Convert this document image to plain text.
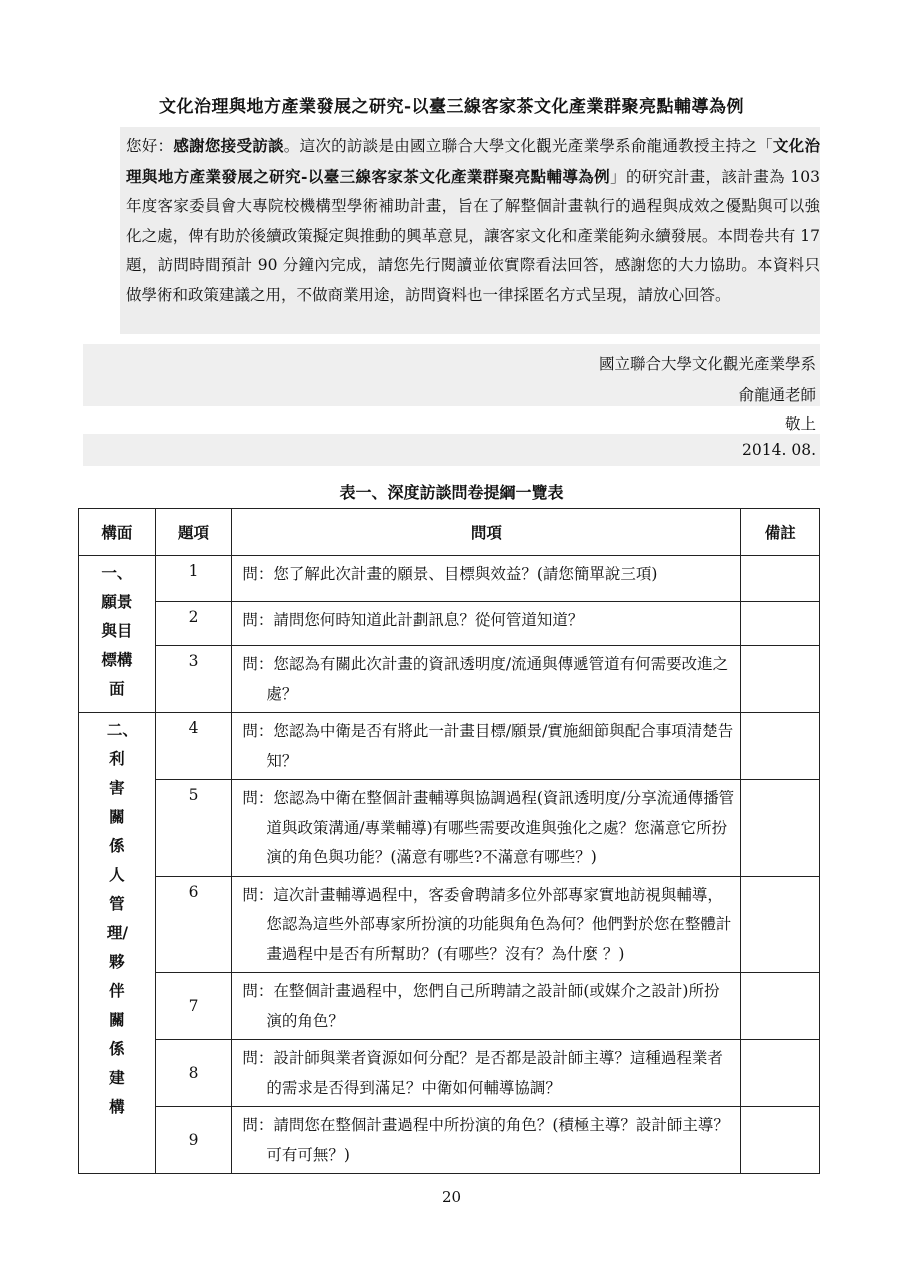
文化治理與地方產業發展之研究-以臺三線客家茶文化產業群聚亮點輔導為例
您好：感謝您接受訪談。這次的訪談是由國立聯合大學文化觀光產業學系俞龍通教授主持之「文化治理與地方產業發展之研究-以臺三線客家茶文化產業群聚亮點輔導為例」的研究計畫，該計畫為 103 年度客家委員會大專院校機構型學術補助計畫，旨在了解整個計畫執行的過程與成效之優點與可以強化之處，俾有助於後續政策擬定與推動的興革意見，讓客家文化和產業能夠永續發展。本問卷共有 17 題，訪問時間預計 90 分鐘內完成，請您先行閱讀並依實際看法回答，感謝您的大力協助。本資料只做學術和政策建議之用，不做商業用途，訪問資料也一律採匿名方式呈現，請放心回答。
國立聯合大學文化觀光產業學系
俞龍通老師
敬上
2014. 08.
表一、深度訪談問卷提綱一覽表
構面	題項	問項	備註
一、願景與目標構面	1	問：您了解此次計畫的願景、目標與效益？(請您簡單說三項)	

	2	問：請問您何時知道此計劃訊息？從何管道知道？	

	3	問：您認為有關此次計畫的資訊透明度/流通與傳遞管道有何需要改進之處？	

二、利害關係人管理/夥伴關係建構	4	問：您認為中衛是否有將此一計畫目標/願景/實施細節與配合事項清楚告知？	

	5	問：您認為中衛在整個計畫輔導與協調過程(資訊透明度/分享流通傳播管道與政策溝通/專業輔導)有哪些需要改進與強化之處？您滿意它所扮演的角色與功能？(滿意有哪些?不滿意有哪些？)	

	6	問：這次計畫輔導過程中，客委會聘請多位外部專家實地訪視與輔導，您認為這些外部專家所扮演的功能與角色為何？他們對於您在整體計畫過程中是否有所幫助？(有哪些？沒有？為什麼 ？)	

	7	問：在整個計畫過程中，您們自己所聘請之設計師(或媒介之設計)所扮演的角色？	

	8	問：設計師與業者資源如何分配？是否都是設計師主導？這種過程業者的需求是否得到滿足？中衛如何輔導協調？	

	9	問：請問您在整個計畫過程中所扮演的角色？(積極主導？設計師主導？可有可無？)	

20
